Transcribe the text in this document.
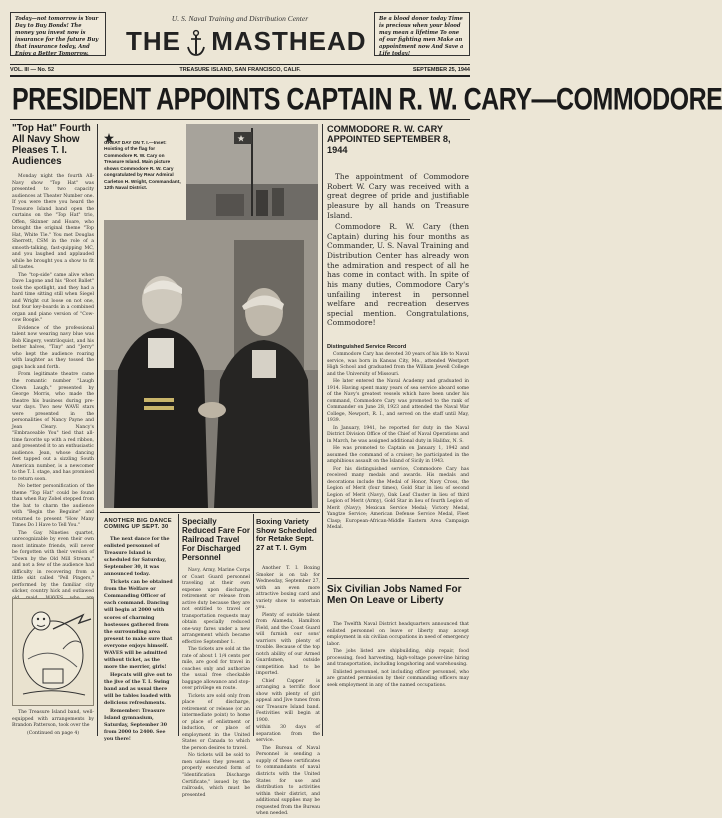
Today—not tomorrow is Your Day to Buy Bonds! The money you invest now is insurance for the future Buy that insurance today, And Enjoy a Better Tomorrow.
Be a blood donor today Time is precious when your blood may mean a lifetime To one of our fighting men Make an appointment now And Save a Life today!
U. S. Naval Training and Distribution Center
THE MASTHEAD
VOL. III — No. 52	TREASURE ISLAND, SAN FRANCISCO, CALIF.	SEPTEMBER 25, 1944
PRESIDENT APPOINTS CAPTAIN R. W. CARY—COMMODORE
"Top Hat" Fourth All Navy Show Pleases T. I. Audiences

Monday night the fourth All-Navy show "Top Hat" was presented to two capacity audiences at Theater Number one. If you were there you heard the Treasure Island band open the curtains on the "Top Hat" trio, Offen, Skinner and Hoare, who brought the original theme "Top Hat, White Tie." You met Douglas Sherrett, CSM in the role of a smooth-talking, fast-quipping MC, and you laughed and applauded while he brought you a show to fit all tastes.

The "top-side" came alive when Dave Lugone and his "Boot Ballet" took the spotlight, and they had a hard time sitting still when Siegel and Wright cut loose on not one, but four key-boards in a combined organ and piano version of "Cow-cow Boogie."

Evidence of the professional talent now wearing navy blue was Bob Kingery, ventriloquist, and his better halves, "Tiny" and "Jerry" who kept the audience roaring with laughter as they tossed the gags back and forth.

From legitimate theatre came the romantic number "Laugh Clown Laugh," presented by George Morris, who made the theatre his business during pre-war days. Two new WAVE stars were presented in the personalities of Nancy Payne and Jean Cleary. Nancy's "Embraceable You" tied that all-time favorite up with a red ribbon, and presented it to an enthusiastic audience. Jean, whose dancing feet tapped out a sizzling South American number, is a newcomer to the T. I. stage, and has promised to return soon.

No better personification of the theme "Top Hat" could be found than when Ray Zobel stepped from the bat to charm the audience with "Begin the Beguine" and returned to present "How Many Times Do I Have to Tell You."

The Gay Nineties quartet, unrecognizable by even their own most intimate friends, will never be forgotten with their version of "Down by the Old Mill Stream," and not a few of the audience had difficulty in recovering from a little skit called "Pell Pingers," performed by the familiar city slicker, country hick and outlawed

The Treasure Island band, well-equipped with arrangements by Brandon Patterson, took over the
(Continued on page 4)
GREAT DAY ON T. I.—Inset: Hoisting of the flag for Commodore R. W. Cary on Treasure Island. Main picture shows Commodore R. W. Cary congratulated by Rear Admiral Carleton H. Wright, Commandant, 12th Naval District.
COMMODORE R. W. CARY APPOINTED SEPTEMBER 8, 1944

The appointment of Commodore Robert W. Cary was received with a great degree of pride and justifiable pleasure by all hands on Treasure Island.

Commodore R. W. Cary (then Captain) during his four months as Commander, U. S. Naval Training and Distribution Center has already won the admiration and respect of all he has come in contact with. In spite of his many duties, Commodore Cary's unfailing interest in personnel welfare and recreation deserves special mention. Congratulations, Commodore!

Distinguished Service Record

Commodore Cary has devoted 30 years of his life to Naval service, was born in Kansas City, Mo., attended Westport High School and graduated from the William Jewell College and the University of Missouri.

He later entered the Naval Academy and graduated in 1914. Having spent many years of sea service aboard some of the Navy's greatest vessels which have been under his command, Commodore Cary was promoted to the rank of Commander on June 28, 1923 and attended the Naval War College, Newport, R. I., and served on the staff until May, 1939.

In January, 1941, he reported for duty in the Naval District Division Office of the Chief of Naval Operations and in March, he was assigned additional duty in Halifax, N. S.

He was promoted to Captain on January 1, 1942 and assumed the command of a cruiser; he participated in the amphibious assault on the Island of Sicily in 1943.

For his distinguished service, Commodore Cary has received many medals and awards. His medals and decorations include the Medal of Honor, Navy Cross, the Legion of Merit (four times), Gold Star in lieu of second Legion of Merit (Navy), Oak Leaf Cluster in lieu of third Legion of Merit (Army), Gold Star in lieu of fourth Legion of Merit (Navy); Mexican Service Medal; Victory Medal, Yangtze Service; American Defense Service Medal, Fleet Clasp; European-African-Middle Eastern Area Campaign Medal.

Six Civilian Jobs Named For Men On Leave or Liberty

The Twelfth Naval District headquarters announced that enlisted personnel on leave or liberty may accept employment in six civilian occupations in need of emergency labor.

The jobs listed are shipbuilding, ship repair, food processing, food harvesting, high-voltage power-line hiring and transportation, including longshoring and warehousing.

Enlisted personnel, not including officer personnel, who are granted permission by their commanding officers may seek employment in any of the named occupations.

ANOTHER BIG DANCE COMING UP SEPT. 30

The next dance for the enlisted personnel of Treasure Island is scheduled for Saturday, September 30, it was announced today.

Tickets can be obtained from the Welfare or Commanding Officer of each command. Dancing will begin at 2000 with scores of charming hostesses gathered from the surrounding area present to make sure that everyone enjoys himself. WAVES will be admitted without ticket, as the more the merrier, girls!

Hepcats will give out to the jive of the T. I. Swing band and as usual there will be tables loaded with delicious refreshments.

Remember: Treasure Island gymnasium, Saturday, September 30 from 2000 to 2400. See you there!

Specially Reduced Fare For Railroad Travel For Discharged Personnel

Navy, Army, Marine Corps or Coast Guard personnel traveling at their own expense upon discharge, retirement or release from active duty because they are not entitled to travel or transportation requests may obtain specially reduced one-way fares under a new arrangement which became effective September 1.

The tickets are sold at the rate of about 1 1/4 cents per mile, are good for travel in coaches only and authorize the usual free checkable baggage allowance and stop-over privilege en route.

Tickets are sold only from place of discharge, retirement or release (or an intermediate point) to home or place of enlistment or induction, or place of employment in the United States or Canada to which the person desires to travel.

No tickets will be sold to men unless they present a properly executed form of "Identification Discharge Certificate," issued by the railroads, which must be presented

Boxing Variety Show Scheduled for Retake Sept. 27 at T. I. Gym

Another T. I. Boxing Smoker is on tab for Wednesday, September 27, with an even more attractive boxing card and variety show to entertain you.

Plenty of outside talent from Alameda, Hamilton Field, and the Coast Guard will furnish our sons' warriors with plenty of trouble. Because of the top notch ability of our Armed Guardsmen, outside competition had to be imported.

Chief Capper is arranging a terrific floor show with plenty of girl appeal and Jive tunes from our Treasure Island band. Festivities will begin at 1900.

within 30 days of separation from the service.

The Bureau of Naval Personnel is sending a supply of these certificates to commandants of naval districts with the United States for use and distribution to activities within their district, and additional supplies may be requested from the Bureau when needed.
